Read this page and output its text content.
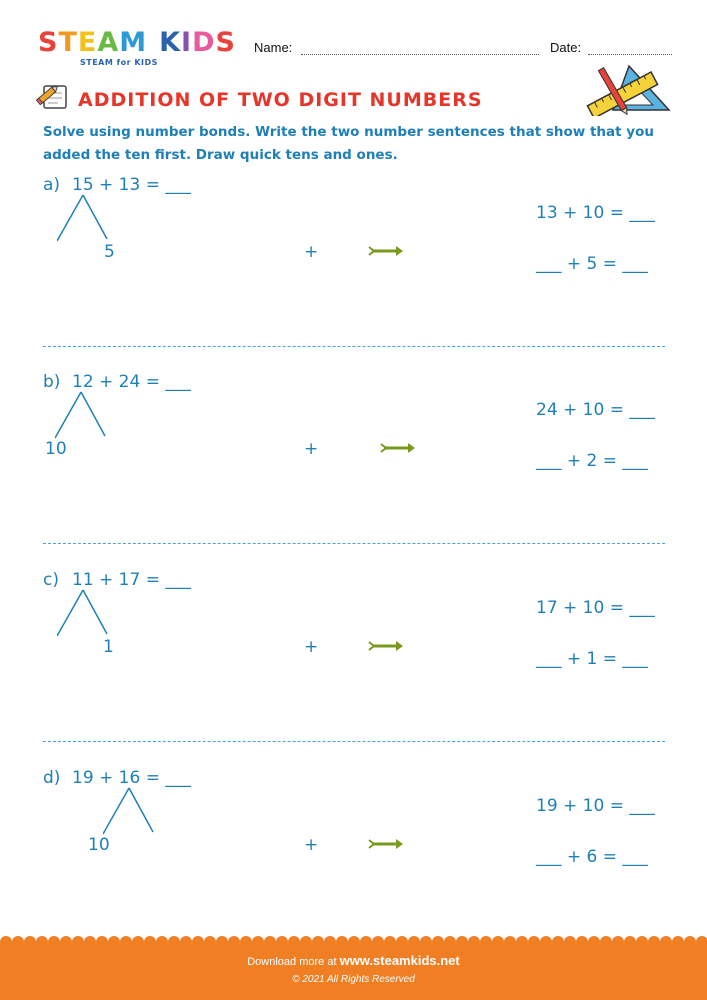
STEAM KIDS
STEAM for KIDS
Name:	Date:
ADDITION OF TWO DIGIT NUMBERS
Solve using number bonds. Write the two number sentences that show that you added the ten first. Draw quick tens and ones.
a) 15 + 13 = ___
5	+
13 + 10 = ___
___ + 5 = ___
b) 12 + 24 = ___
10	+
24 + 10 = ___
___ + 2 = ___
c) 11 + 17 = ___
1	+
17 + 10 = ___
___ + 1 = ___
d) 19 + 16 = ___
10	+
19 + 10 = ___
___ + 6 = ___
Download more at www.steamkids.net
© 2021 All Rights Reserved
